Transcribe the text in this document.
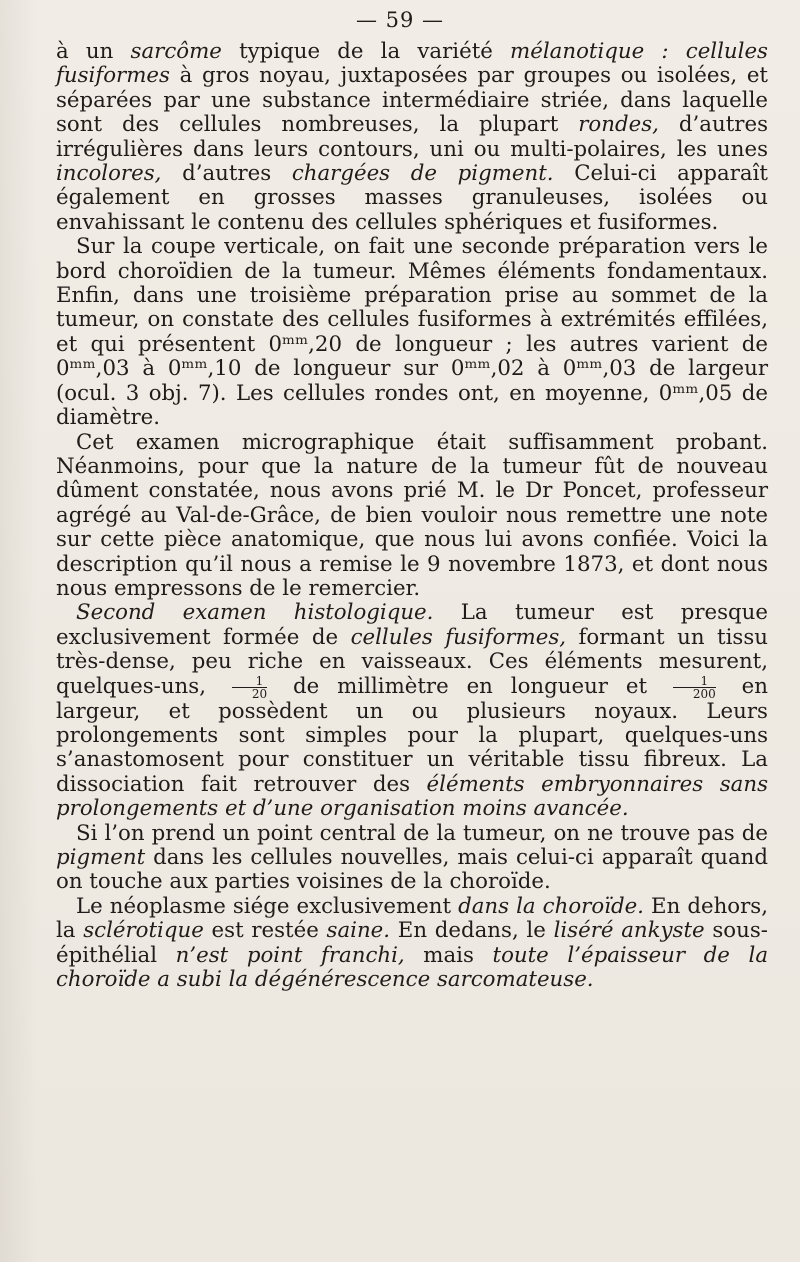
— 59 —

à un sarcôme typique de la variété mélanotique : cellules fusiformes à gros noyau, juxtaposées par groupes ou isolées, et séparées par une substance intermédiaire striée, dans laquelle sont des cellules nombreuses, la plupart rondes, d’autres irrégulières dans leurs contours, uni ou multi-polaires, les unes incolores, d’autres chargées de pigment. Celui-ci apparaît également en grosses masses granuleuses, isolées ou envahissant le contenu des cellules sphériques et fusiformes.

Sur la coupe verticale, on fait une seconde préparation vers le bord choroïdien de la tumeur. Mêmes éléments fondamentaux. Enfin, dans une troisième préparation prise au sommet de la tumeur, on constate des cellules fusiformes à extrémités effilées, et qui présentent 0ᵐᵐ,20 de longueur ; les autres varient de 0ᵐᵐ,03 à 0ᵐᵐ,10 de longueur sur 0ᵐᵐ,02 à 0ᵐᵐ,03 de largeur (ocul. 3 obj. 7). Les cellules rondes ont, en moyenne, 0ᵐᵐ,05 de diamètre.

Cet examen micrographique était suffisamment probant. Néanmoins, pour que la nature de la tumeur fût de nouveau dûment constatée, nous avons prié M. le Dr Poncet, professeur agrégé au Val-de-Grâce, de bien vouloir nous remettre une note sur cette pièce anatomique, que nous lui avons confiée. Voici la description qu’il nous a remise le 9 novembre 1873, et dont nous nous empressons de le remercier.

Second examen histologique. La tumeur est presque exclusivement formée de cellules fusiformes, formant un tissu très-dense, peu riche en vaisseaux. Ces éléments mesurent, quelques-uns, $\frac{1}{20}$ de millimètre en longueur et $\frac{1}{200}$ en largeur, et possèdent un ou plusieurs noyaux. Leurs prolongements sont simples pour la plupart, quelques-uns s’anastomosent pour constituer un véritable tissu fibreux. La dissociation fait retrouver des éléments embryonnaires sans prolongements et d’une organisation moins avancée.

Si l’on prend un point central de la tumeur, on ne trouve pas de pigment dans les cellules nouvelles, mais celui-ci apparaît quand on touche aux parties voisines de la choroïde.

Le néoplasme siége exclusivement dans la choroïde. En dehors, la sclérotique est restée saine. En dedans, le liséré ankyste sous-épithélial n’est point franchi, mais toute l’épaisseur de la choroïde a subi la dégénérescence sarcomateuse.
